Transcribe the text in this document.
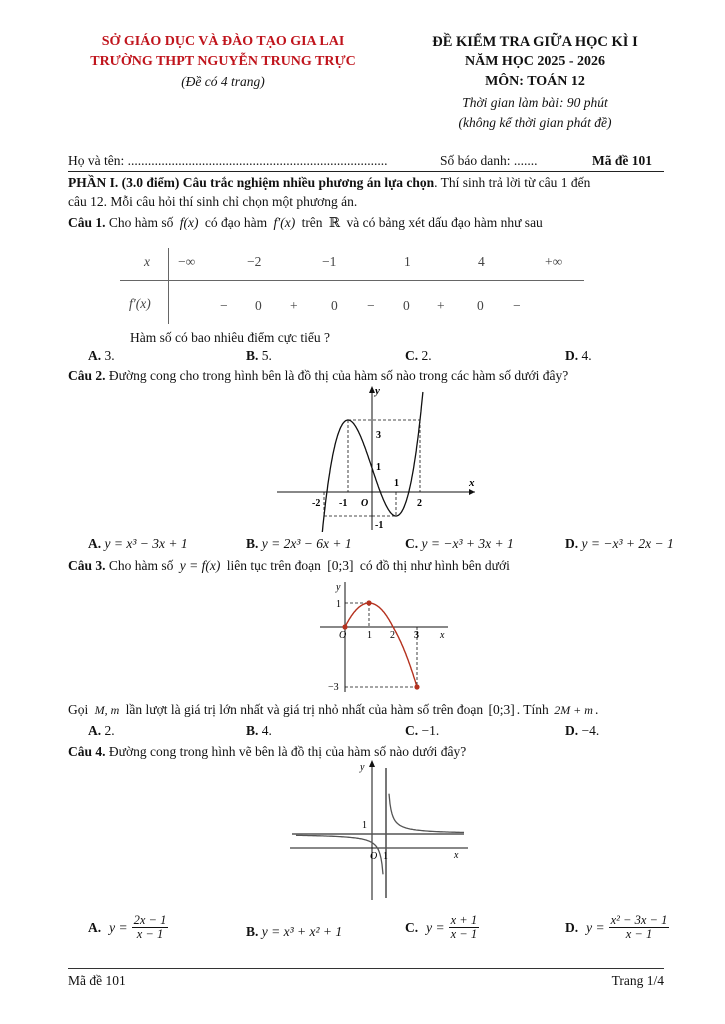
SỞ GIÁO DỤC VÀ ĐÀO TẠO GIA LAI
TRƯỜNG THPT NGUYỄN TRUNG TRỰC
(Đề có 4 trang)
ĐỀ KIỂM TRA GIỮA HỌC KÌ I
NĂM HỌC 2025 - 2026
MÔN: TOÁN 12
Thời gian làm bài: 90 phút
(không kể thời gian phát đề)
Họ và tên: .............................................................................	Số báo danh: .......	Mã đề 101
PHẦN I. (3.0 điểm) Câu trắc nghiệm nhiều phương án lựa chọn. Thí sinh trả lời từ câu 1 đến
câu 12. Mỗi câu hỏi thí sinh chỉ chọn một phương án.
Câu 1. Cho hàm số f(x) có đạo hàm f′(x) trên ℝ và có bảng xét dấu đạo hàm như sau
x
f′(x)
−∞	−2	−1	1	4	+∞
− 0 + 0 − 0 + 0 −
Hàm số có bao nhiêu điểm cực tiểu ?
A. 3.	B. 5.	C. 2.	D. 4.
Câu 2. Đường cong cho trong hình bên là đồ thị của hàm số nào trong các hàm số dưới đây?
y
x
3
1
-2 -1 O
1
2
-1
A. y = x³ − 3x + 1	B. y = 2x³ − 6x + 1	C. y = −x³ + 3x + 1	D. y = −x³ + 2x − 1
Câu 3. Cho hàm số y = f(x) liên tục trên đoạn [0;3] có đồ thị như hình bên dưới
y
x
1
O 1 2 3
−3
Gọi M, m lần lượt là giá trị lớn nhất và giá trị nhỏ nhất của hàm số trên đoạn [0;3] . Tính 2M + m .
A. 2.	B. 4.	C. −1.	D. −4.
Câu 4. Đường cong trong hình vẽ bên là đồ thị của hàm số nào dưới đây?
y
x
1
O 1
A. $y = \frac{2x - 1}{x - 1}$	B. y = x³ + x² + 1	C. $y = \frac{x + 1}{x - 1}$	D. $y = \frac{\text{x² − 3x − 1}}{x - 1}$
Mã đề 101	Trang 1/4
